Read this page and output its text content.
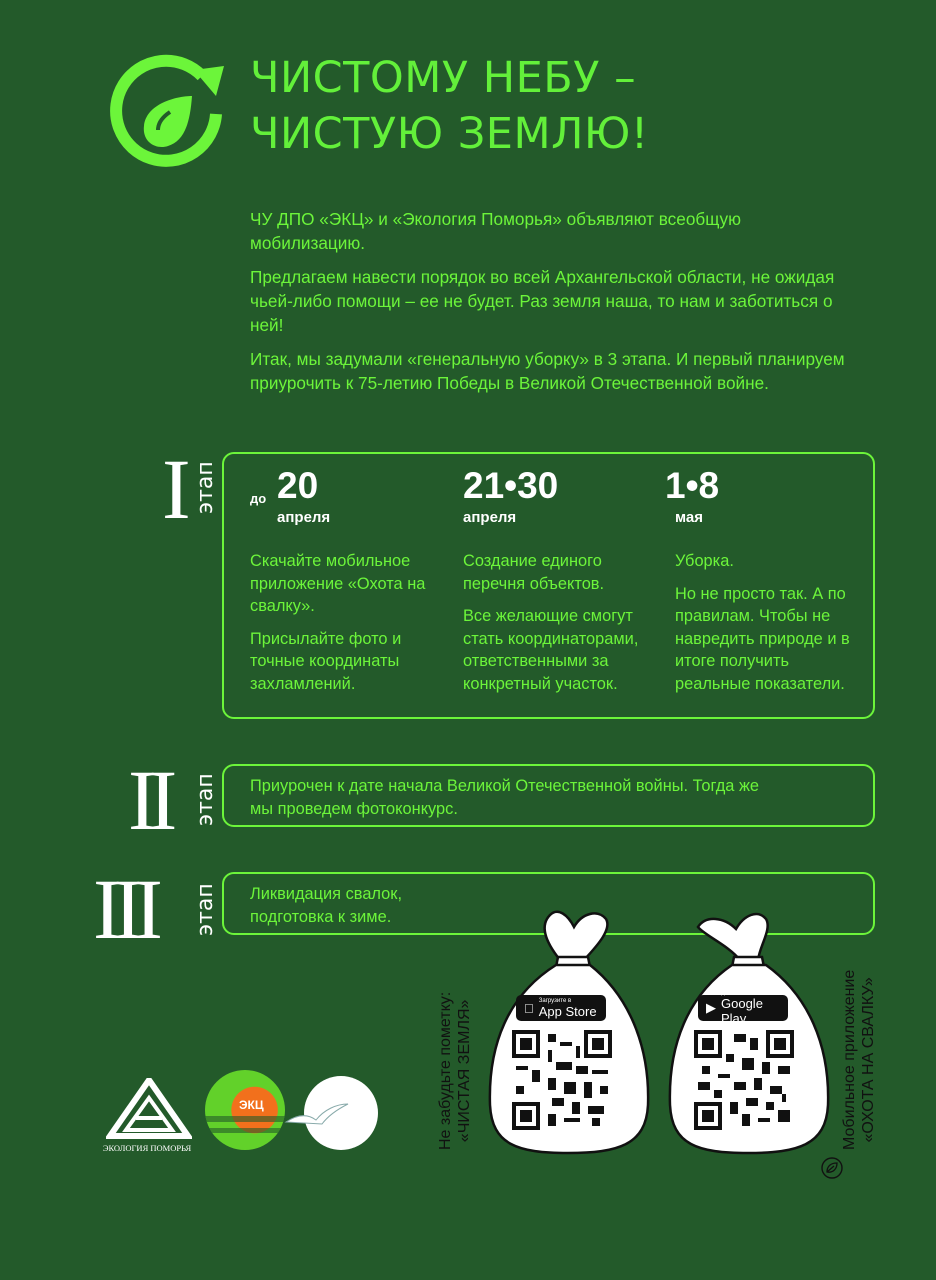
ЧИСТОМУ НЕБУ –
ЧИСТУЮ ЗЕМЛЮ!

ЧУ ДПО «ЭКЦ» и «Экология Поморья» объявляют всеобщую мобилизацию.

Предлагаем навести порядок во всей Архангельской области, не ожидая чьей-либо помощи – ее не будет. Раз земля наша, то нам и заботиться о ней!

Итак, мы задумали «генеральную уборку» в 3 этапа. И первый планируем приурочить к 75-летию Победы в Великой Отечественной войне.

I этап до 20
апреля

Скачайте мобильное приложение «Охота на свалку».

Присылайте фото и точные координаты захламлений.

21•30
апреля

Создание единого перечня объектов.

Все желающие смогут стать координаторами, ответственными за конкретный участок.

1•8
мая

Уборка.

Но не просто так. А по правилам. Чтобы не навредить природе и в итоге получить реальные показатели.

II этап Приурочен к дате начала Великой Отечественной войны. Тогда же мы проведем фотоконкурс.
III этап Ликвидация свалок, подготовка к зиме.
Загрузите в
App Store	▶
ДОСТУПНО В
Google Play
Не забудьте пометку: «ЧИСТАЯ ЗЕМЛЯ»	Мобильное приложение «ОХОТА НА СВАЛКУ»
ЭКОЛОГИЯ ПОМОРЬЯ
ЭКЦ
